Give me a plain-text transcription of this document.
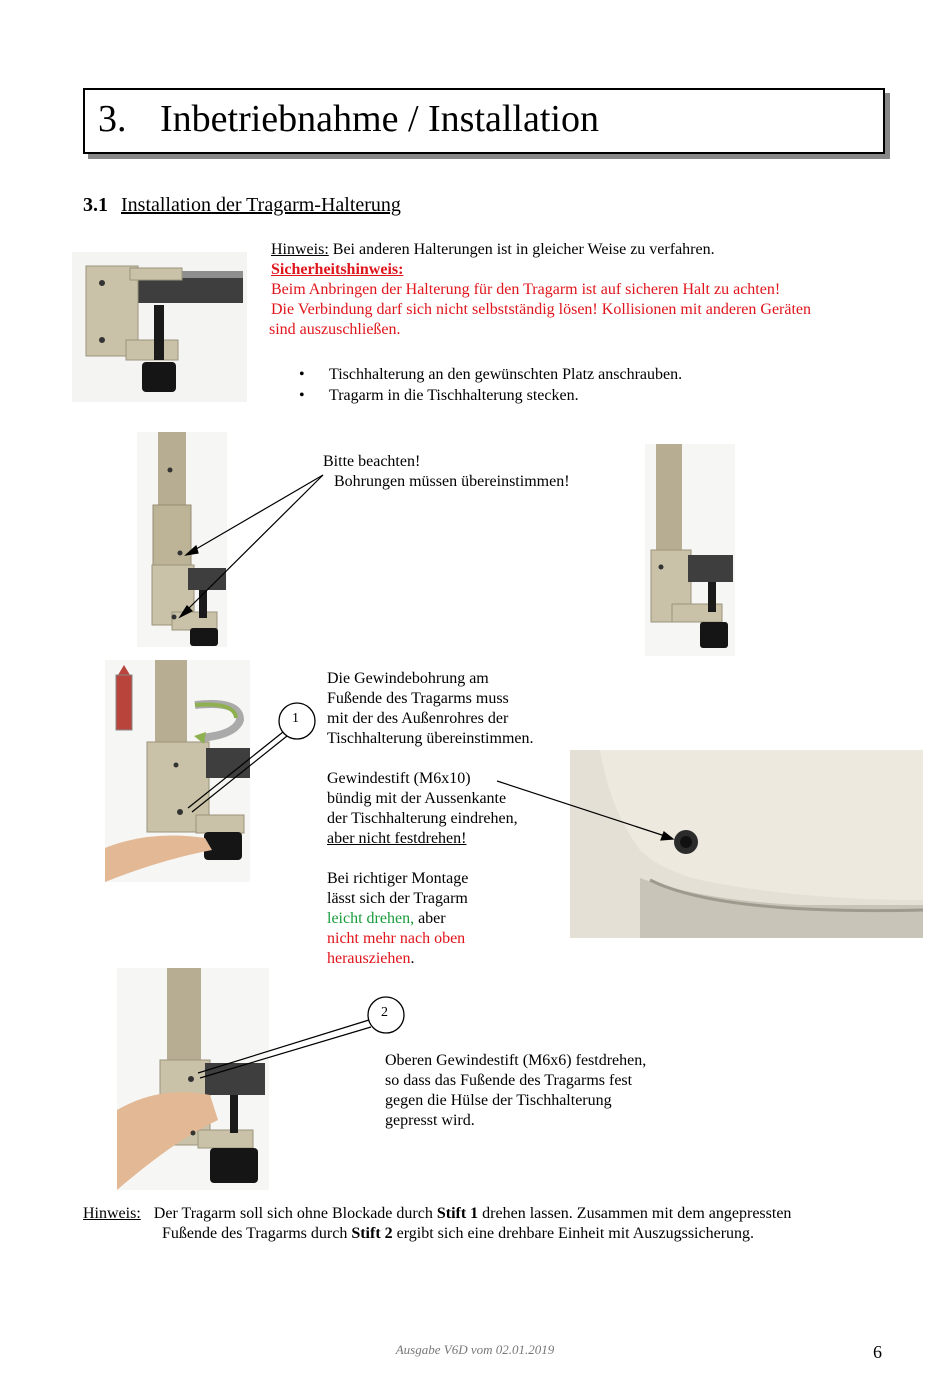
3. Inbetriebnahme / Installation
3.1 Installation der Tragarm-Halterung
1
2
Hinweis: Bei anderen Halterungen ist in gleicher Weise zu verfahren.
Sicherheitshinweis:
Beim Anbringen der Halterung für den Tragarm ist auf sicheren Halt zu achten!
Die Verbindung darf sich nicht selbstständig lösen! Kollisionen mit anderen Geräten
sind auszuschließen.
• Tischhalterung an den gewünschten Platz anschrauben.
• Tragarm in die Tischhalterung stecken.
Bitte beachten!
Bohrungen müssen übereinstimmen!
Die Gewindebohrung am
Fußende des Tragarms muss
mit der des Außenrohres der
Tischhalterung übereinstimmen.
Gewindestift (M6x10)
bündig mit der Aussenkante
der Tischhalterung eindrehen,
aber nicht festdrehen!
Bei richtiger Montage
lässt sich der Tragarm
leicht drehen, aber
nicht mehr nach oben
herausziehen.
Oberen Gewindestift (M6x6) festdrehen,
so dass das Fußende des Tragarms fest
gegen die Hülse der Tischhalterung
gepresst wird.
Hinweis: Der Tragarm soll sich ohne Blockade durch Stift 1 drehen lassen. Zusammen mit dem angepressten
Fußende des Tragarms durch Stift 2 ergibt sich eine drehbare Einheit mit Auszugssicherung.
Ausgabe V6D vom 02.01.2019	6
